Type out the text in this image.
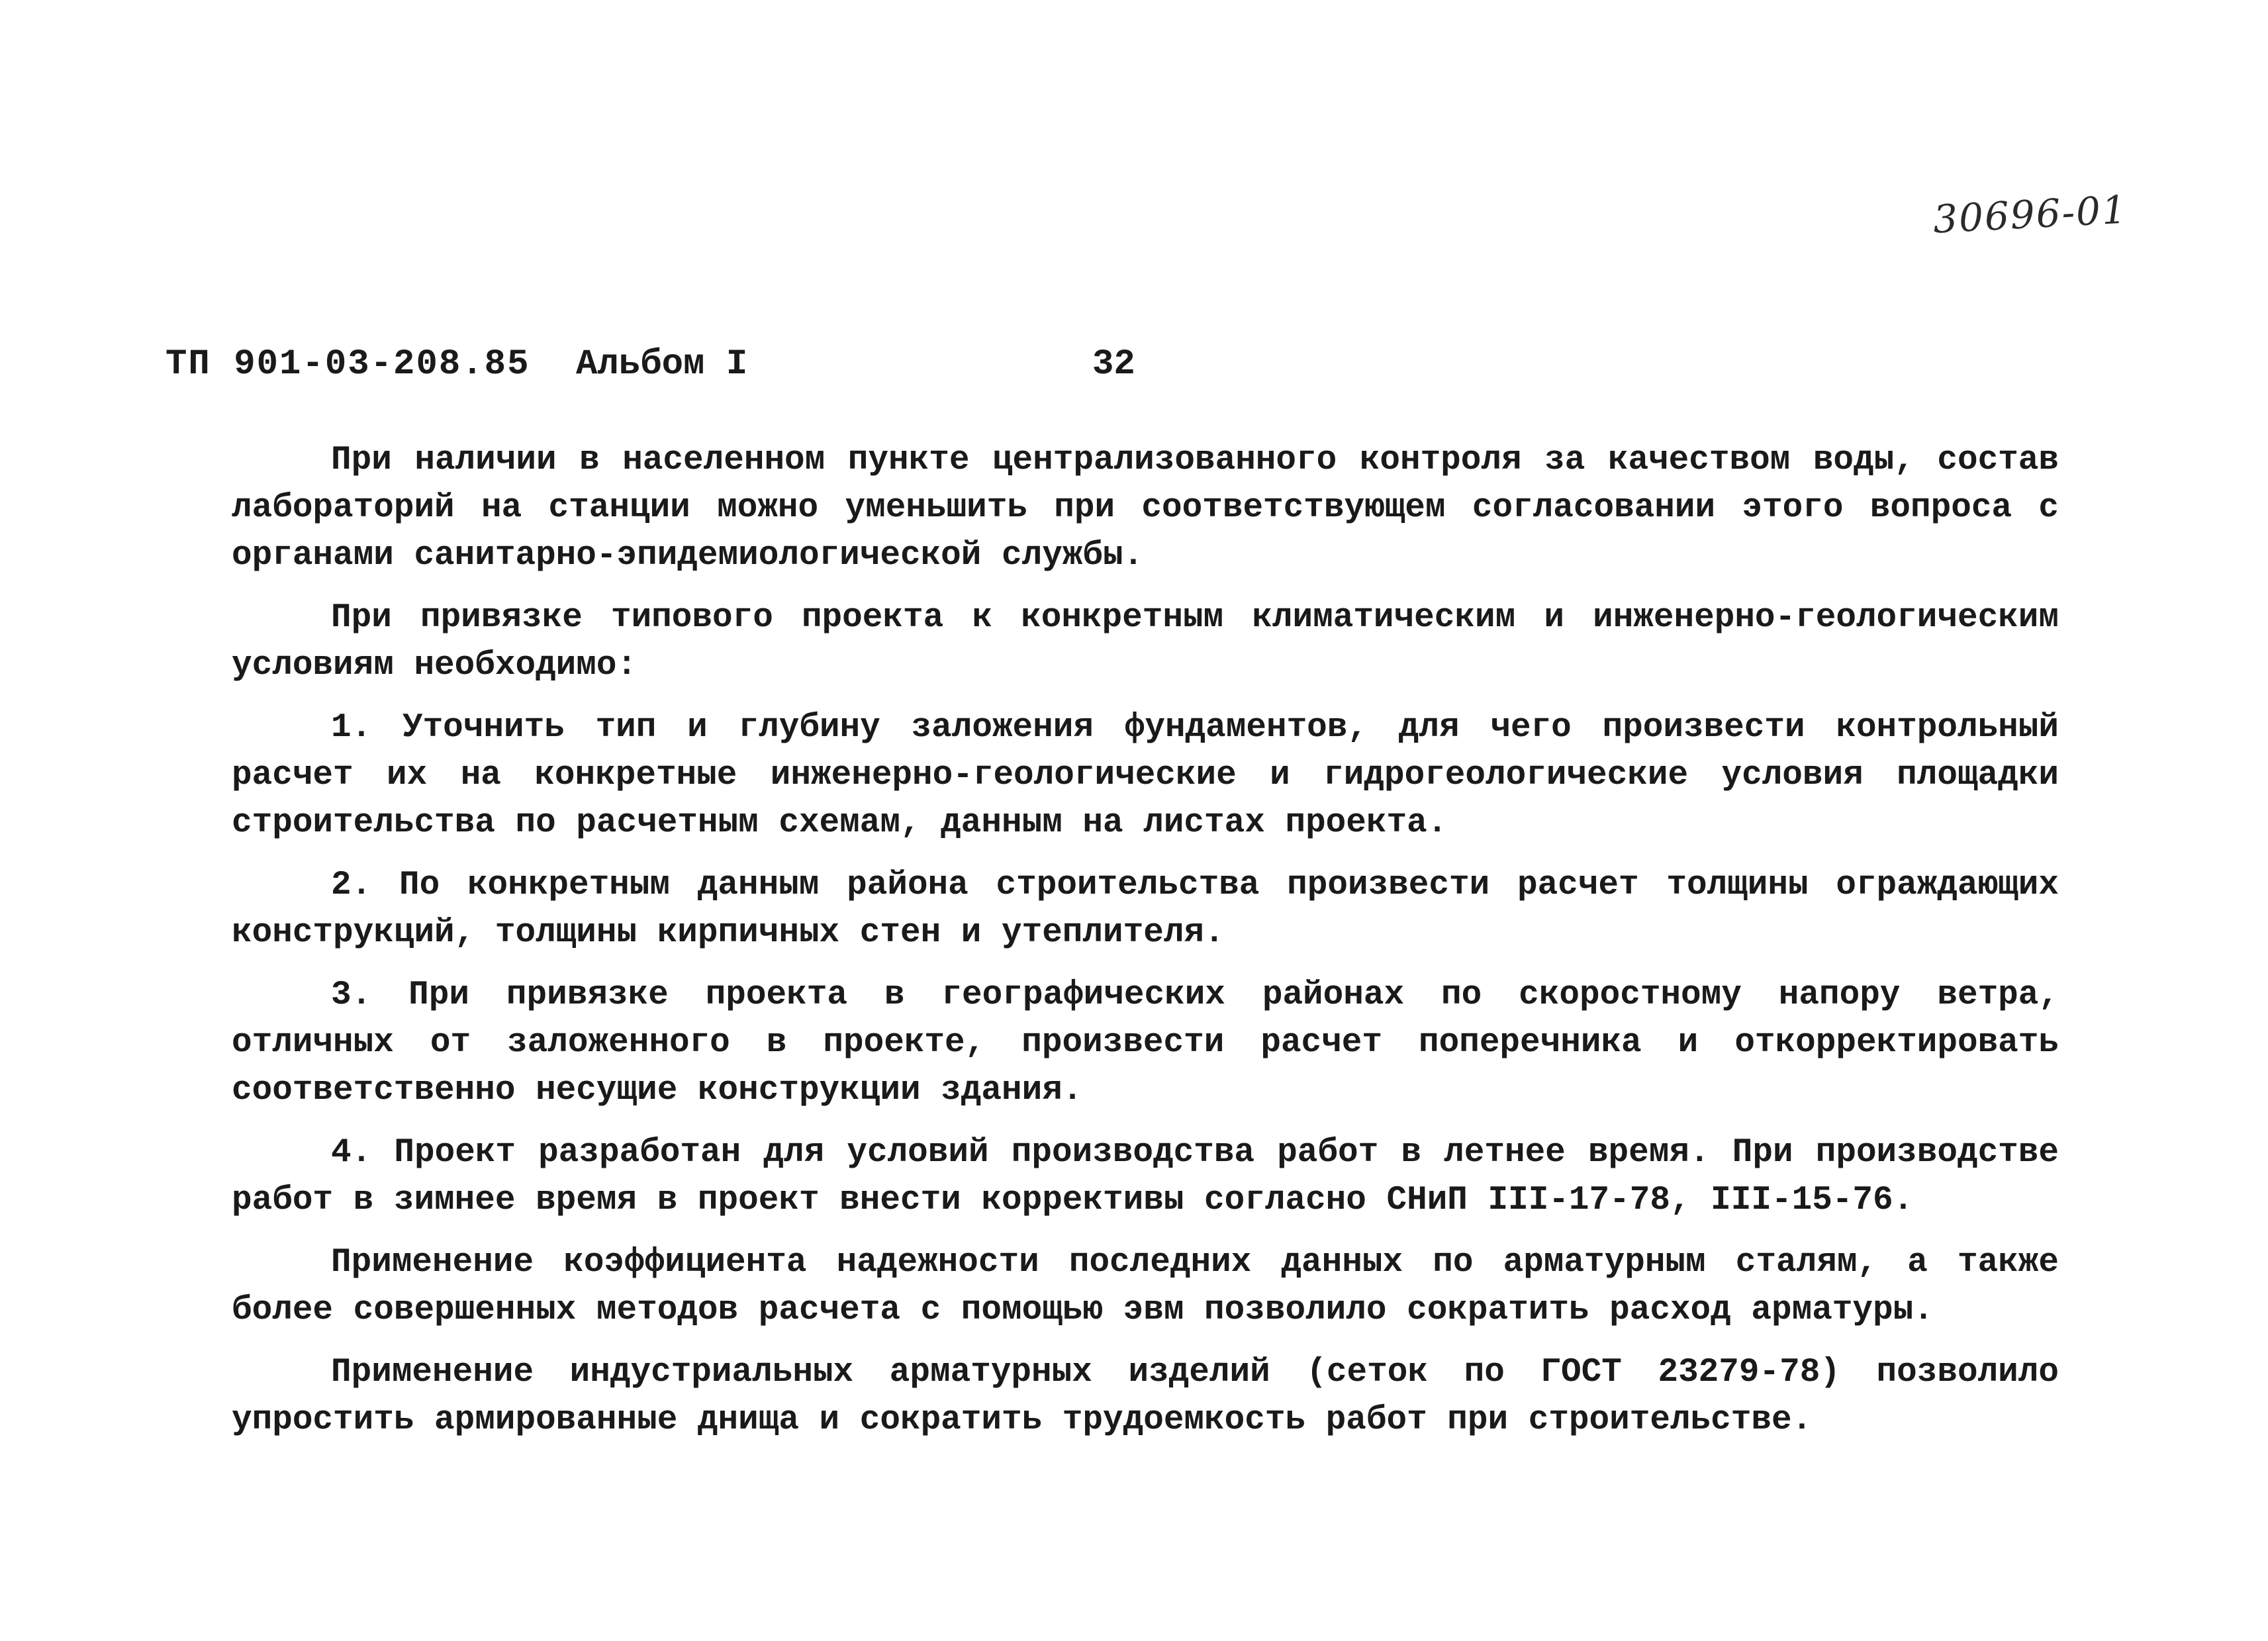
30696-01
ТП 901-03-208.85 Альбом I	32

При наличии в населенном пункте централизованного контроля за качеством воды, состав лабораторий на станции можно уменьшить при соответствующем согласовании этого вопроса с органами санитарно-эпидемиологической службы.

При привязке типового проекта к конкретным климатическим и инженерно-геологическим условиям необходимо:

1. Уточнить тип и глубину заложения фундаментов, для чего произвести контрольный расчет их на конкретные инженерно-геологические и гидрогеологические условия площадки строительства по расчетным схемам, данным на листах проекта.

2. По конкретным данным района строительства произвести расчет толщины ограждающих конструкций, толщины кирпичных стен и утеплителя.

3. При привязке проекта в географических районах по скоростному напору ветра, отличных от заложенного в проекте, произвести расчет поперечника и откорректировать соответственно несущие конструкции здания.

4. Проект разработан для условий производства работ в летнее время. При производстве работ в зимнее время в проект внести коррективы согласно СНиП III-17-78, III-15-76.

Применение коэффициента надежности последних данных по арматурным сталям, а также более совершенных методов расчета с помощью эвм позволило сократить расход арматуры.

Применение индустриальных арматурных изделий (сеток по ГОСТ 23279-78) позволило упростить армированные днища и сократить трудоемкость работ при строительстве.
